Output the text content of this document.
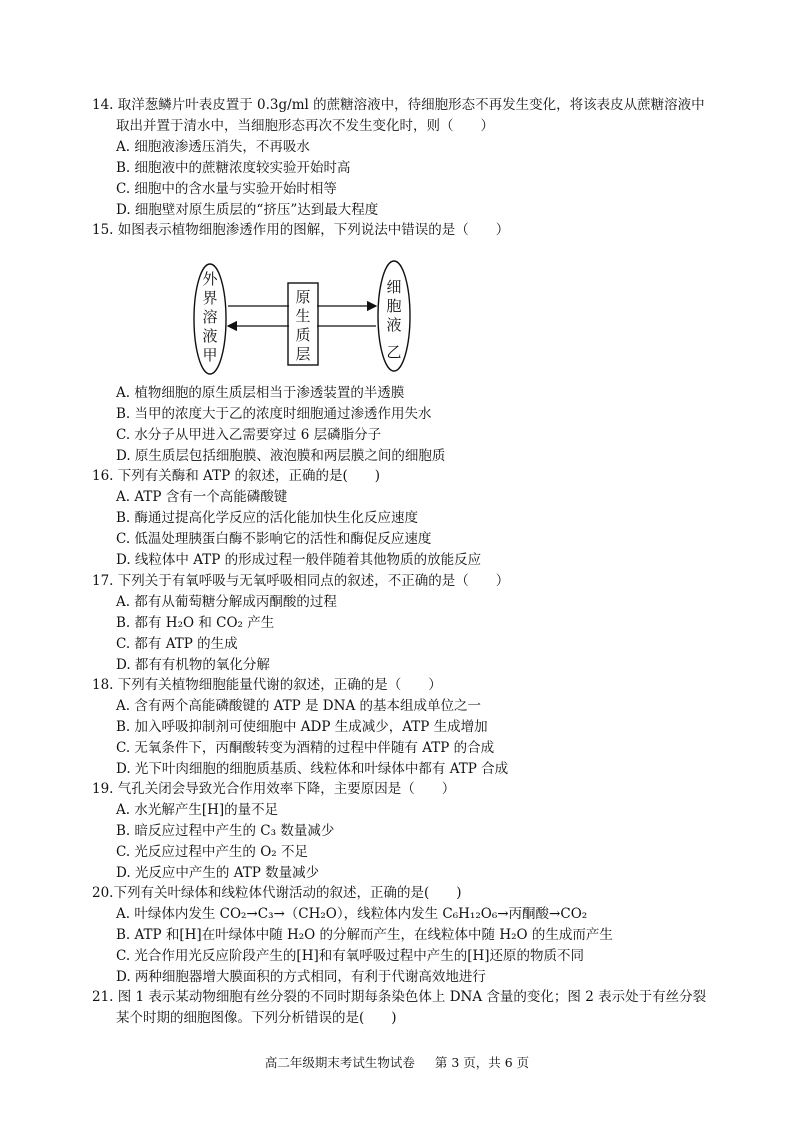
14. 取洋葱鳞片叶表皮置于 0.3g/ml 的蔗糖溶液中，待细胞形态不再发生变化，将该表皮从蔗糖溶液中取出并置于清水中，当细胞形态再次不发生变化时，则（　　）

A. 细胞液渗透压消失，不再吸水

B. 细胞液中的蔗糖浓度较实验开始时高

C. 细胞中的含水量与实验开始时相等

D. 细胞壁对原生质层的“挤压”达到最大程度

15. 如图表示植物细胞渗透作用的图解，下列说法中错误的是（　　）

外
界
溶
液
甲
原
生
质
层
细
胞
液
乙

A. 植物细胞的原生质层相当于渗透装置的半透膜

B. 当甲的浓度大于乙的浓度时细胞通过渗透作用失水

C. 水分子从甲进入乙需要穿过 6 层磷脂分子

D. 原生质层包括细胞膜、液泡膜和两层膜之间的细胞质

16. 下列有关酶和 ATP 的叙述，正确的是(　　)

A. ATP 含有一个高能磷酸键

B. 酶通过提高化学反应的活化能加快生化反应速度

C. 低温处理胰蛋白酶不影响它的活性和酶促反应速度

D. 线粒体中 ATP 的形成过程一般伴随着其他物质的放能反应

17. 下列关于有氧呼吸与无氧呼吸相同点的叙述，不正确的是（　　）

A. 都有从葡萄糖分解成丙酮酸的过程

B. 都有 H₂O 和 CO₂ 产生

C. 都有 ATP 的生成

D. 都有有机物的氧化分解

18. 下列有关植物细胞能量代谢的叙述，正确的是（　　）

A. 含有两个高能磷酸键的 ATP 是 DNA 的基本组成单位之一

B. 加入呼吸抑制剂可使细胞中 ADP 生成减少，ATP 生成增加

C. 无氧条件下，丙酮酸转变为酒精的过程中伴随有 ATP 的合成

D. 光下叶肉细胞的细胞质基质、线粒体和叶绿体中都有 ATP 合成

19. 气孔关闭会导致光合作用效率下降，主要原因是（　　）

A. 水光解产生[H]的量不足

B. 暗反应过程中产生的 C₃ 数量减少

C. 光反应过程中产生的 O₂ 不足

D. 光反应中产生的 ATP 数量减少

20.下列有关叶绿体和线粒体代谢活动的叙述，正确的是(　　)

A. 叶绿体内发生 CO₂→C₃→（CH₂O），线粒体内发生 C₆H₁₂O₆→丙酮酸→CO₂

B. ATP 和[H]在叶绿体中随 H₂O 的分解而产生，在线粒体中随 H₂O 的生成而产生

C. 光合作用光反应阶段产生的[H]和有氧呼吸过程中产生的[H]还原的物质不同

D. 两种细胞器增大膜面积的方式相同，有利于代谢高效地进行

21. 图 1 表示某动物细胞有丝分裂的不同时期每条染色体上 DNA 含量的变化；图 2 表示处于有丝分裂某个时期的细胞图像。下列分析错误的是(　　)

高二年级期末考试生物试卷 第 3 页，共 6 页
